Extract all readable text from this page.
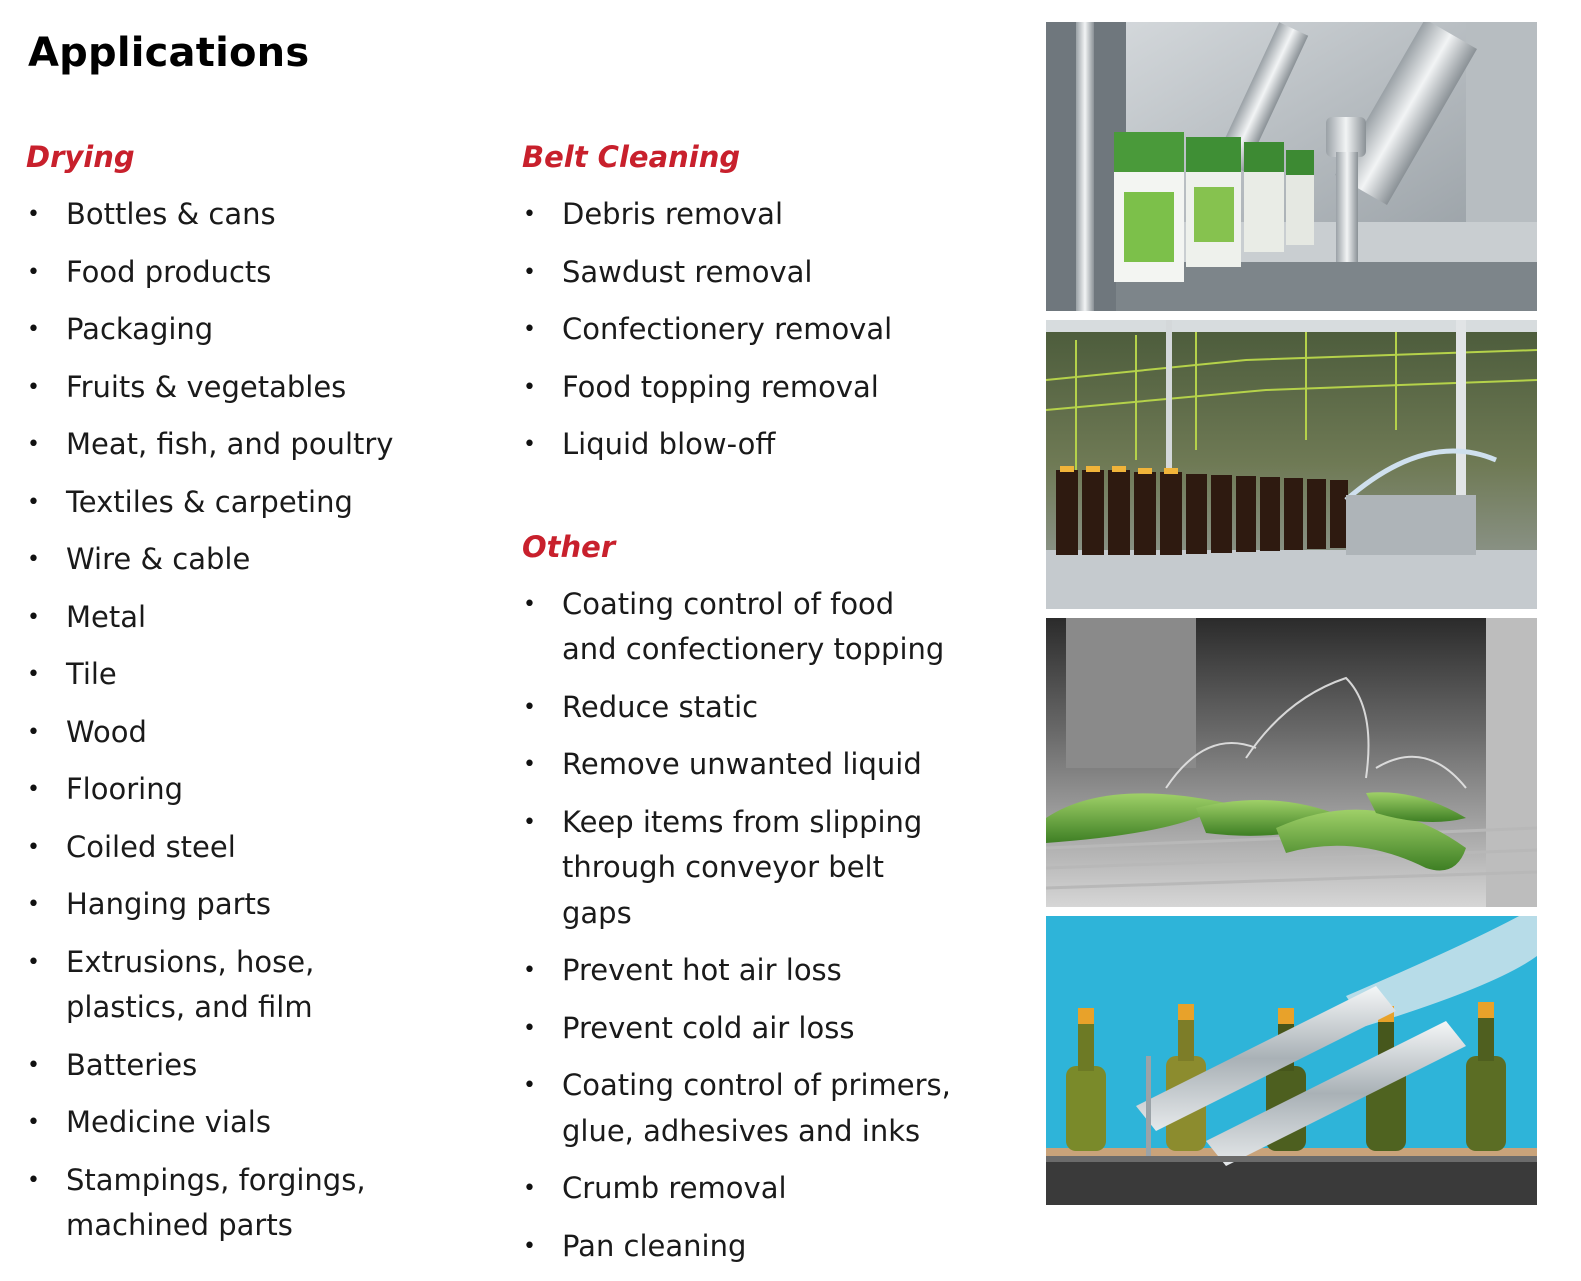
Applications
Drying
• Bottles & cans
• Food products
• Packaging
• Fruits & vegetables
• Meat, fish, and poultry
• Textiles & carpeting
• Wire & cable
• Metal
• Tile
• Wood
• Flooring
• Coiled steel
• Hanging parts
• Extrusions, hose, plastics, and film
• Batteries
• Medicine vials
• Stampings, forgings, machined parts
Belt Cleaning
• Debris removal
• Sawdust removal
• Confectionery removal
• Food topping removal
• Liquid blow-off
Other
• Coating control of food and confectionery topping
• Reduce static
• Remove unwanted liquid
• Keep items from slipping through conveyor belt gaps
• Prevent hot air loss
• Prevent cold air loss
• Coating control of primers, glue, adhesives and inks
• Crumb removal
• Pan cleaning
